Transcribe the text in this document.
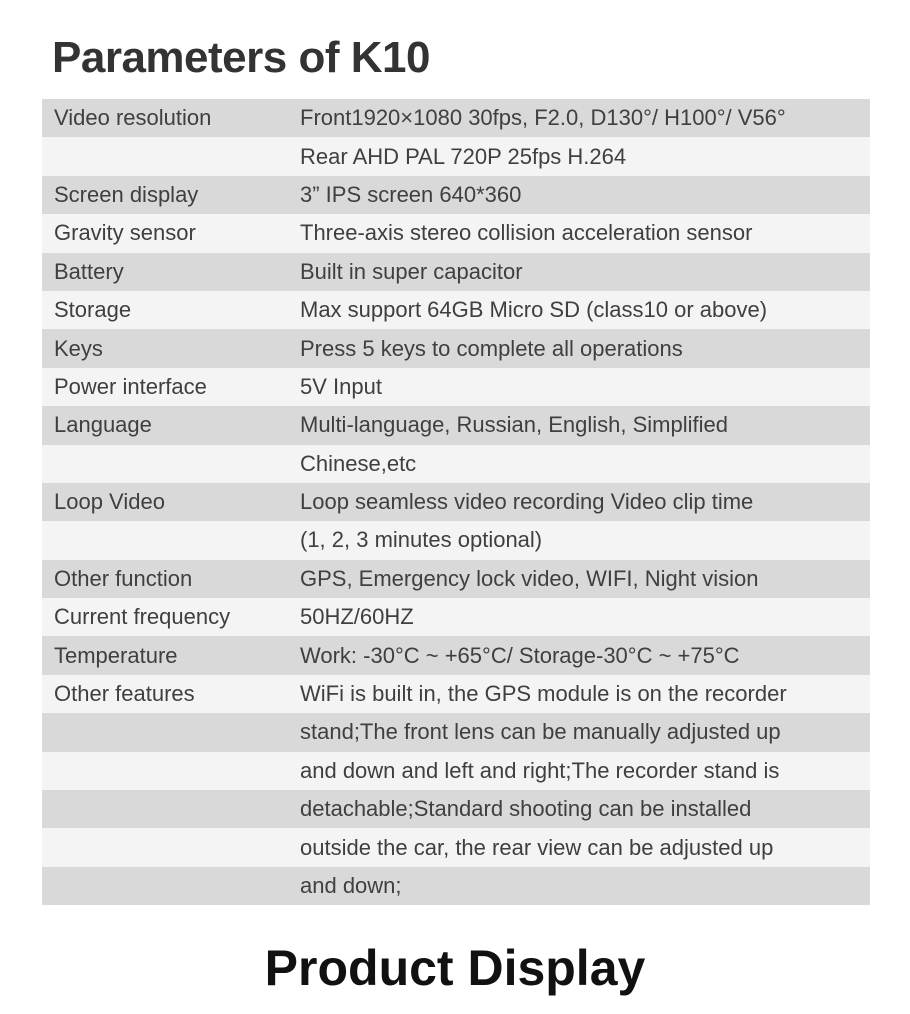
Parameters of K10
Video resolution	Front1920×1080 30fps, F2.0, D130°/ H100°/ V56°
Rear AHD PAL 720P 25fps H.264
Screen display	3” IPS screen 640*360
Gravity sensor	Three-axis stereo collision acceleration sensor
Battery	Built in super capacitor
Storage	Max support 64GB Micro SD (class10 or above)
Keys	Press 5 keys to complete all operations
Power interface	5V Input
Language	Multi-language, Russian, English, Simplified
Chinese,etc
Loop Video	Loop seamless video recording Video clip time
(1, 2, 3 minutes optional)
Other function	GPS, Emergency lock video, WIFI, Night vision
Current frequency	50HZ/60HZ
Temperature	Work: -30°C ~ +65°C/ Storage-30°C ~ +75°C
Other features	WiFi is built in, the GPS module is on the recorder
stand;The front lens can be manually adjusted up
and down and left and right;The recorder stand is
detachable;Standard shooting can be installed
outside the car, the rear view can be adjusted up
and down;
Product Display
